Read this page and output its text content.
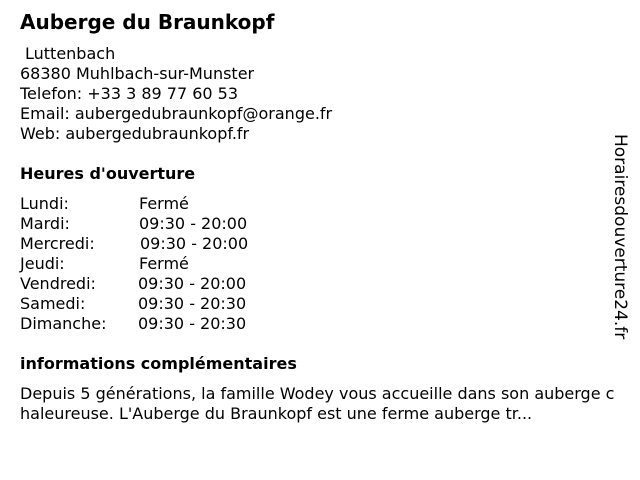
Auberge du Braunkopf
Luttenbach
68380 Muhlbach-sur-Munster
Telefon: +33 3 89 77 60 53
Email: aubergedubraunkopf@orange.fr
Web: aubergedubraunkopf.fr
Heures d'ouverture
Lundi:	Fermé
Mardi:	09:30 - 20:00
Mercredi:	09:30 - 20:00
Jeudi:	Fermé
Vendredi:	09:30 - 20:00
Samedi:	09:30 - 20:30
Dimanche: 09:30 - 20:30
informations complémentaires
Depuis 5 générations, la famille Wodey vous accueille dans son auberge chaleureuse. L'Auberge du Braunkopf est une ferme auberge tr...
Horairesdouverture24.fr
